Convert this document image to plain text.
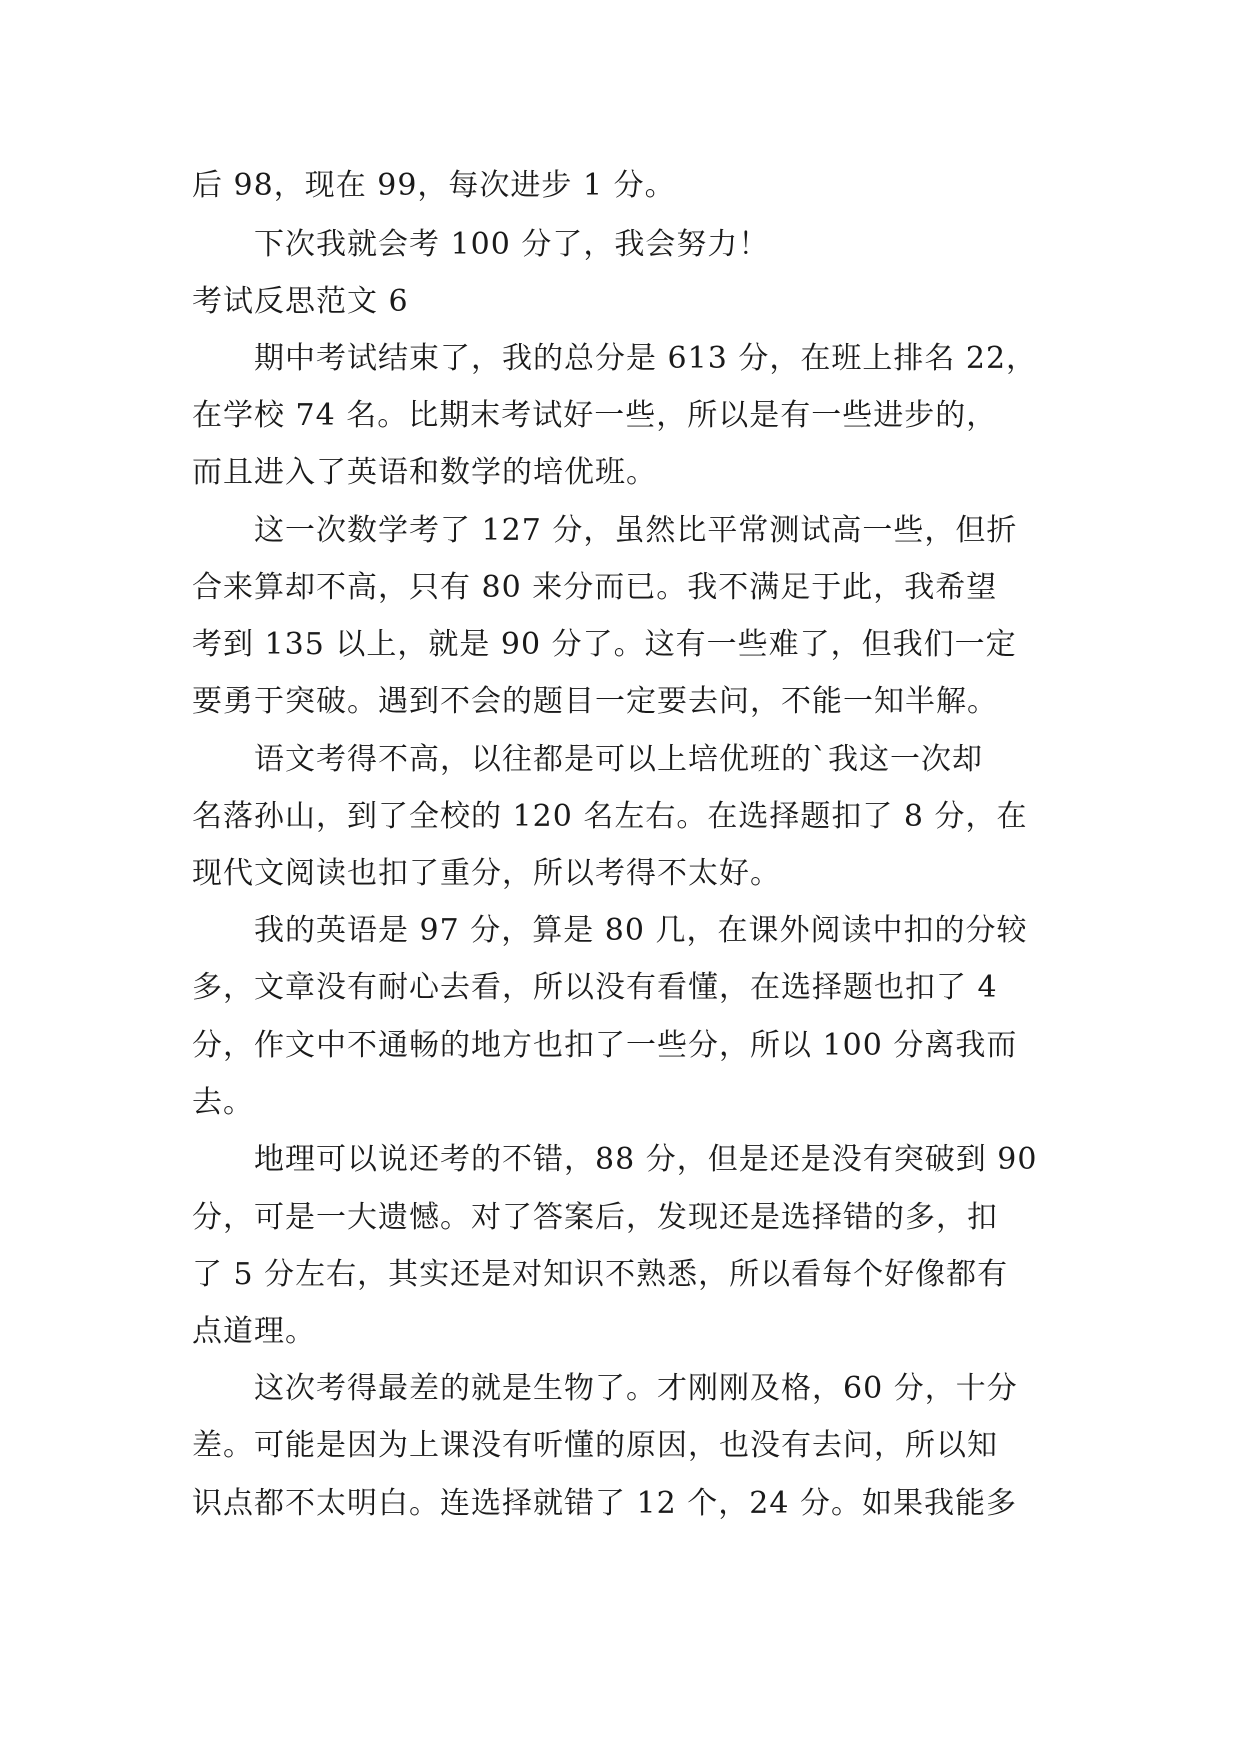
后 98，现在 99，每次进步 1 分。
下次我就会考 100 分了，我会努力！
考试反思范文 6
期中考试结束了，我的总分是 613 分，在班上排名 22，
在学校 74 名。比期末考试好一些，所以是有一些进步的，
而且进入了英语和数学的培优班。
这一次数学考了 127 分，虽然比平常测试高一些，但折
合来算却不高，只有 80 来分而已。我不满足于此，我希望
考到 135 以上，就是 90 分了。这有一些难了，但我们一定
要勇于突破。遇到不会的题目一定要去问，不能一知半解。
语文考得不高，以往都是可以上培优班的`我这一次却
名落孙山，到了全校的 120 名左右。在选择题扣了 8 分，在
现代文阅读也扣了重分，所以考得不太好。
我的英语是 97 分，算是 80 几，在课外阅读中扣的分较
多，文章没有耐心去看，所以没有看懂，在选择题也扣了 4
分，作文中不通畅的地方也扣了一些分，所以 100 分离我而
去。
地理可以说还考的不错，88 分，但是还是没有突破到 90
分，可是一大遗憾。对了答案后，发现还是选择错的多，扣
了 5 分左右，其实还是对知识不熟悉，所以看每个好像都有
点道理。
这次考得最差的就是生物了。才刚刚及格，60 分，十分
差。可能是因为上课没有听懂的原因，也没有去问，所以知
识点都不太明白。连选择就错了 12 个，24 分。如果我能多
